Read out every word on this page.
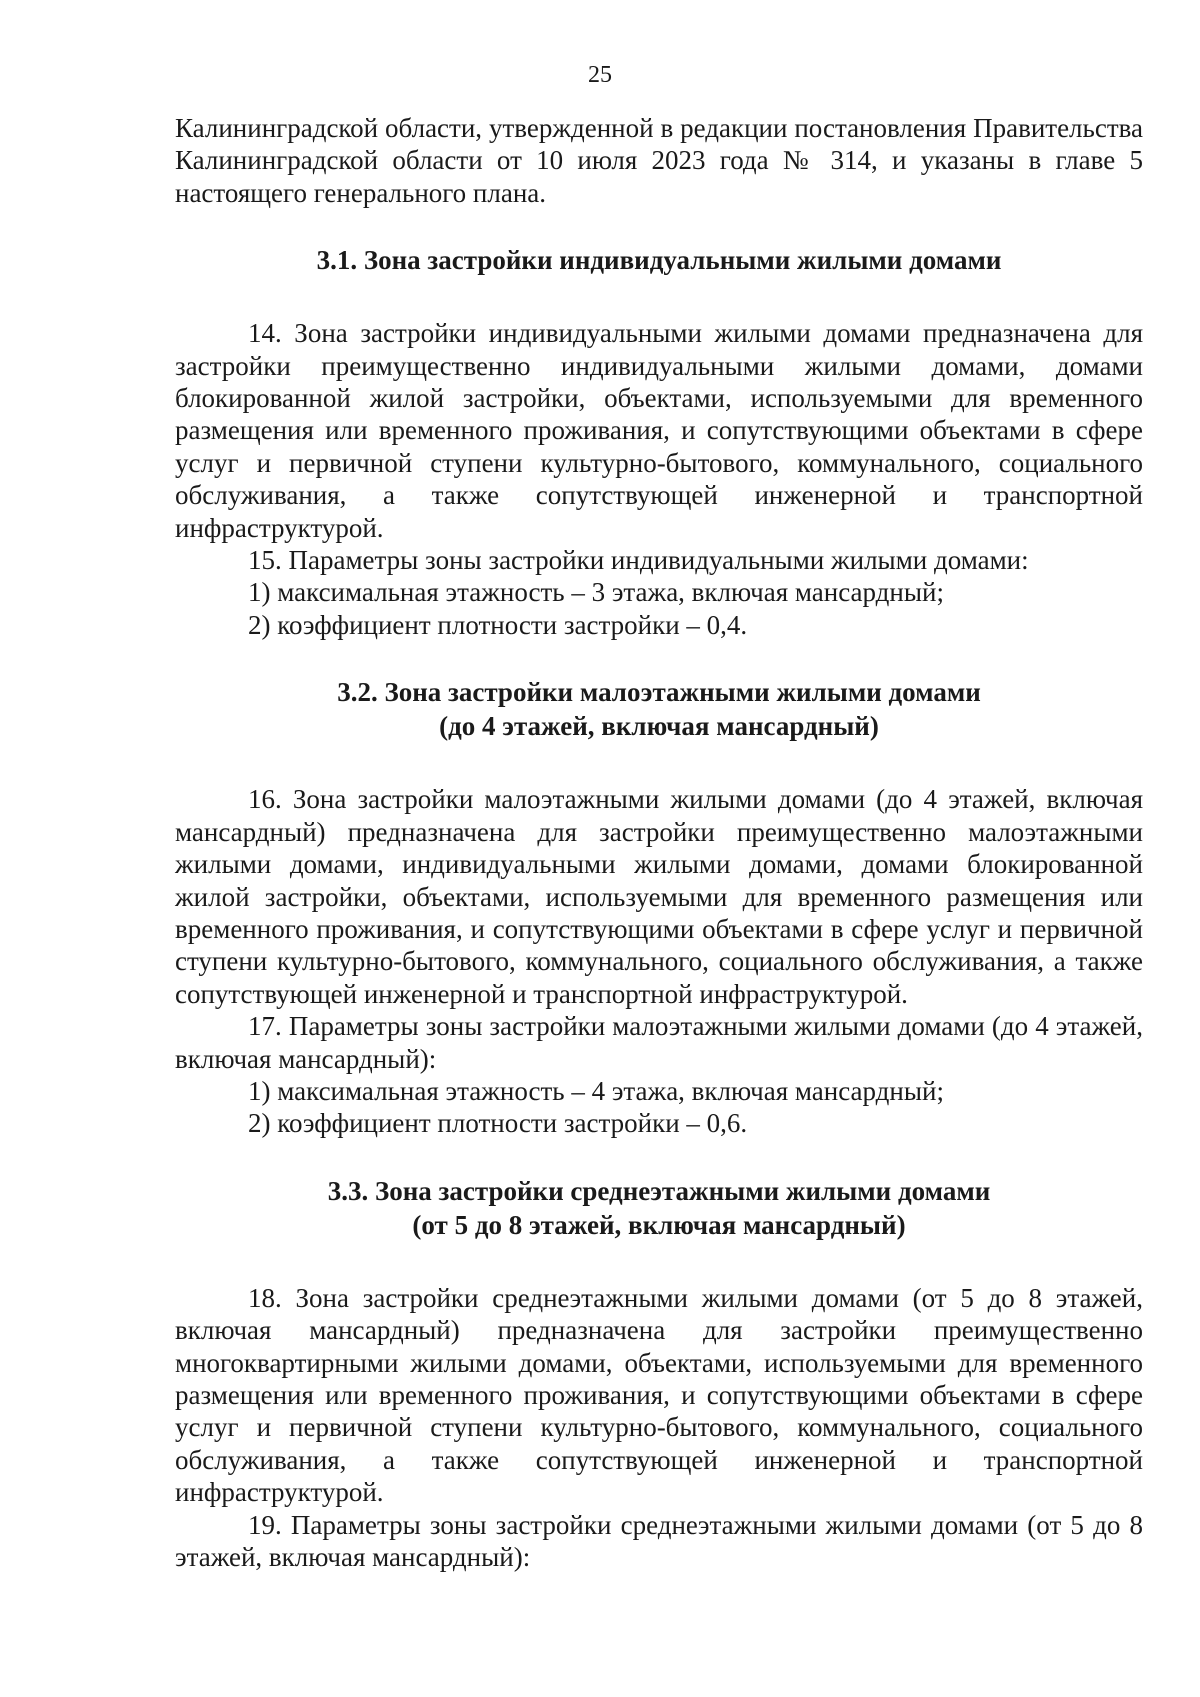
25

Калининградской области, утвержденной в редакции постановления Правительства Калининградской области от 10 июля 2023 года № 314, и указаны в главе 5 настоящего генерального плана.

3.1. Зона застройки индивидуальными жилыми домами

14. Зона застройки индивидуальными жилыми домами предназначена для застройки преимущественно индивидуальными жилыми домами, домами блокированной жилой застройки, объектами, используемыми для временного размещения или временного проживания, и сопутствующими объектами в сфере услуг и первичной ступени культурно-бытового, коммунального, социального обслуживания, а также сопутствующей инженерной и транспортной инфраструктурой.

15. Параметры зоны застройки индивидуальными жилыми домами:

1) максимальная этажность – 3 этажа, включая мансардный;

2) коэффициент плотности застройки – 0,4.

3.2. Зона застройки малоэтажными жилыми домами
(до 4 этажей, включая мансардный)

16. Зона застройки малоэтажными жилыми домами (до 4 этажей, включая мансардный) предназначена для застройки преимущественно малоэтажными жилыми домами, индивидуальными жилыми домами, домами блокированной жилой застройки, объектами, используемыми для временного размещения или временного проживания, и сопутствующими объектами в сфере услуг и первичной ступени культурно-бытового, коммунального, социального обслуживания, а также сопутствующей инженерной и транспортной инфраструктурой.

17. Параметры зоны застройки малоэтажными жилыми домами (до 4 этажей, включая мансардный):

1) максимальная этажность – 4 этажа, включая мансардный;

2) коэффициент плотности застройки – 0,6.

3.3. Зона застройки среднеэтажными жилыми домами
(от 5 до 8 этажей, включая мансардный)

18. Зона застройки среднеэтажными жилыми домами (от 5 до 8 этажей, включая мансардный) предназначена для застройки преимущественно многоквартирными жилыми домами, объектами, используемыми для временного размещения или временного проживания, и сопутствующими объектами в сфере услуг и первичной ступени культурно-бытового, коммунального, социального обслуживания, а также сопутствующей инженерной и транспортной инфраструктурой.

19. Параметры зоны застройки среднеэтажными жилыми домами (от 5 до 8 этажей, включая мансардный):
